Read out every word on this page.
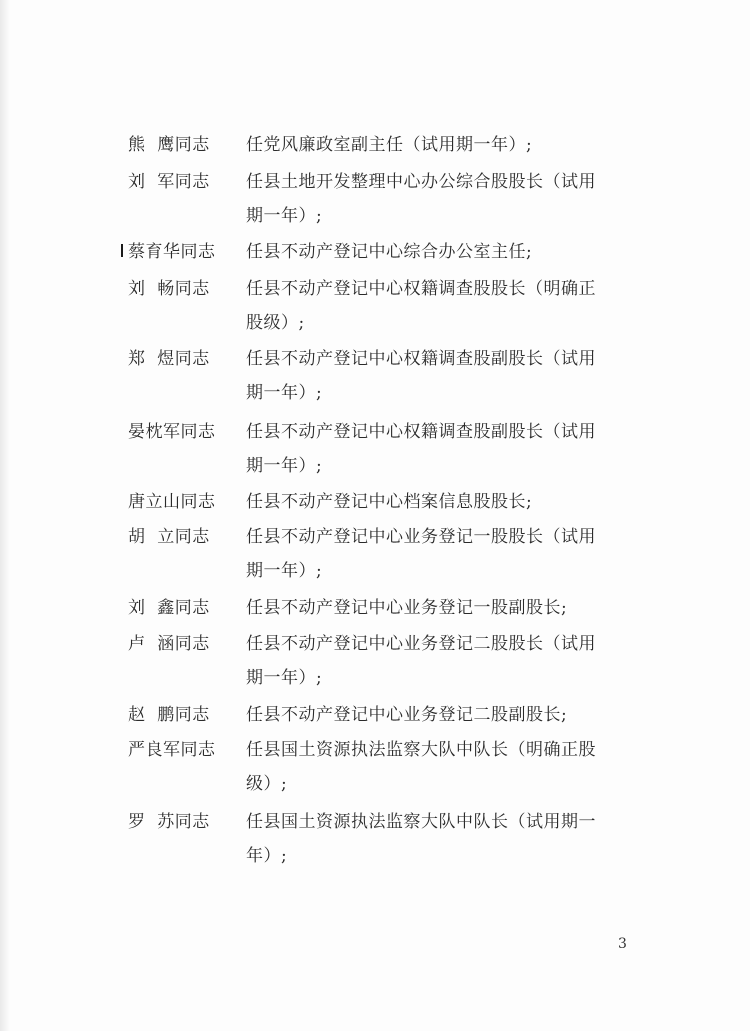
熊  鹰同志	任党风廉政室副主任（试用期一年）;
刘  军同志	任县土地开发整理中心办公综合股股长（试用
期一年）;
蔡育华同志	任县不动产登记中心综合办公室主任;
刘  畅同志	任县不动产登记中心权籍调查股股长（明确正
股级）;
郑  煜同志	任县不动产登记中心权籍调查股副股长（试用
期一年）;
晏枕军同志	任县不动产登记中心权籍调查股副股长（试用
期一年）;
唐立山同志	任县不动产登记中心档案信息股股长;
胡  立同志	任县不动产登记中心业务登记一股股长（试用
期一年）;
刘  鑫同志	任县不动产登记中心业务登记一股副股长;
卢  涵同志	任县不动产登记中心业务登记二股股长（试用
期一年）;
赵  鹏同志	任县不动产登记中心业务登记二股副股长;
严良军同志	任县国土资源执法监察大队中队长（明确正股
级）;
罗  苏同志	任县国土资源执法监察大队中队长（试用期一
年）;
3
